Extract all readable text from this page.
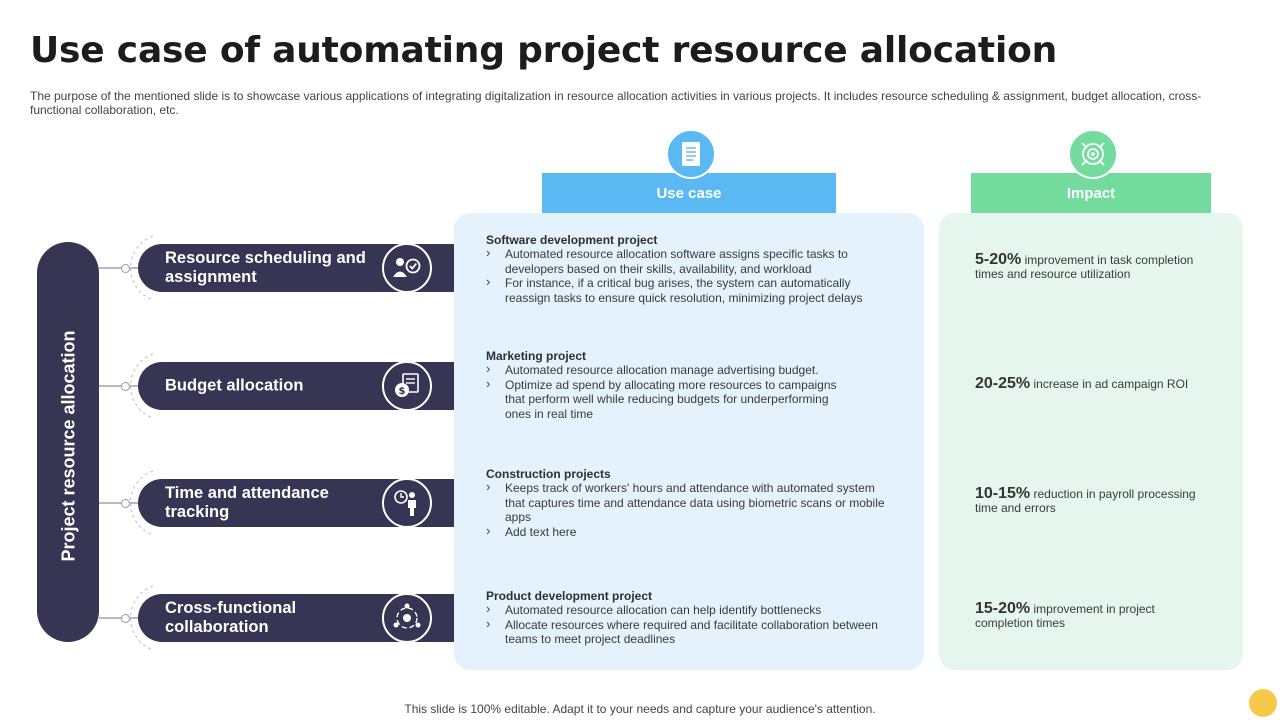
Use case of automating project resource allocation
The purpose of the mentioned slide is to showcase various applications of integrating digitalization in resource allocation activities in various projects. It includes resource scheduling & assignment, budget allocation, cross-functional collaboration, etc.
Project resource allocation
Resource scheduling and assignment
Budget allocation	$
Time and attendance tracking
Cross-functional collaboration
Use case	Impact
Software development project
› Automated resource allocation software assigns specific tasks to developers based on their skills, availability, and workload
› For instance, if a critical bug arises, the system can automatically reassign tasks to ensure quick resolution, minimizing project delays
Marketing project
› Automated resource allocation manage advertising budget.
› Optimize ad spend by allocating more resources to campaigns that perform well while reducing budgets for underperforming ones in real time
Construction projects
› Keeps track of workers' hours and attendance with automated system that captures time and attendance data using biometric scans or mobile apps
› Add text here
Product development project
› Automated resource allocation can help identify bottlenecks
› Allocate resources where required and facilitate collaboration between teams to meet project deadlines
5-20% improvement in task completion times and resource utilization
20-25% increase in ad campaign ROI
10-15% reduction in payroll processing time and errors
15-20% improvement in project completion times
This slide is 100% editable. Adapt it to your needs and capture your audience's attention.
